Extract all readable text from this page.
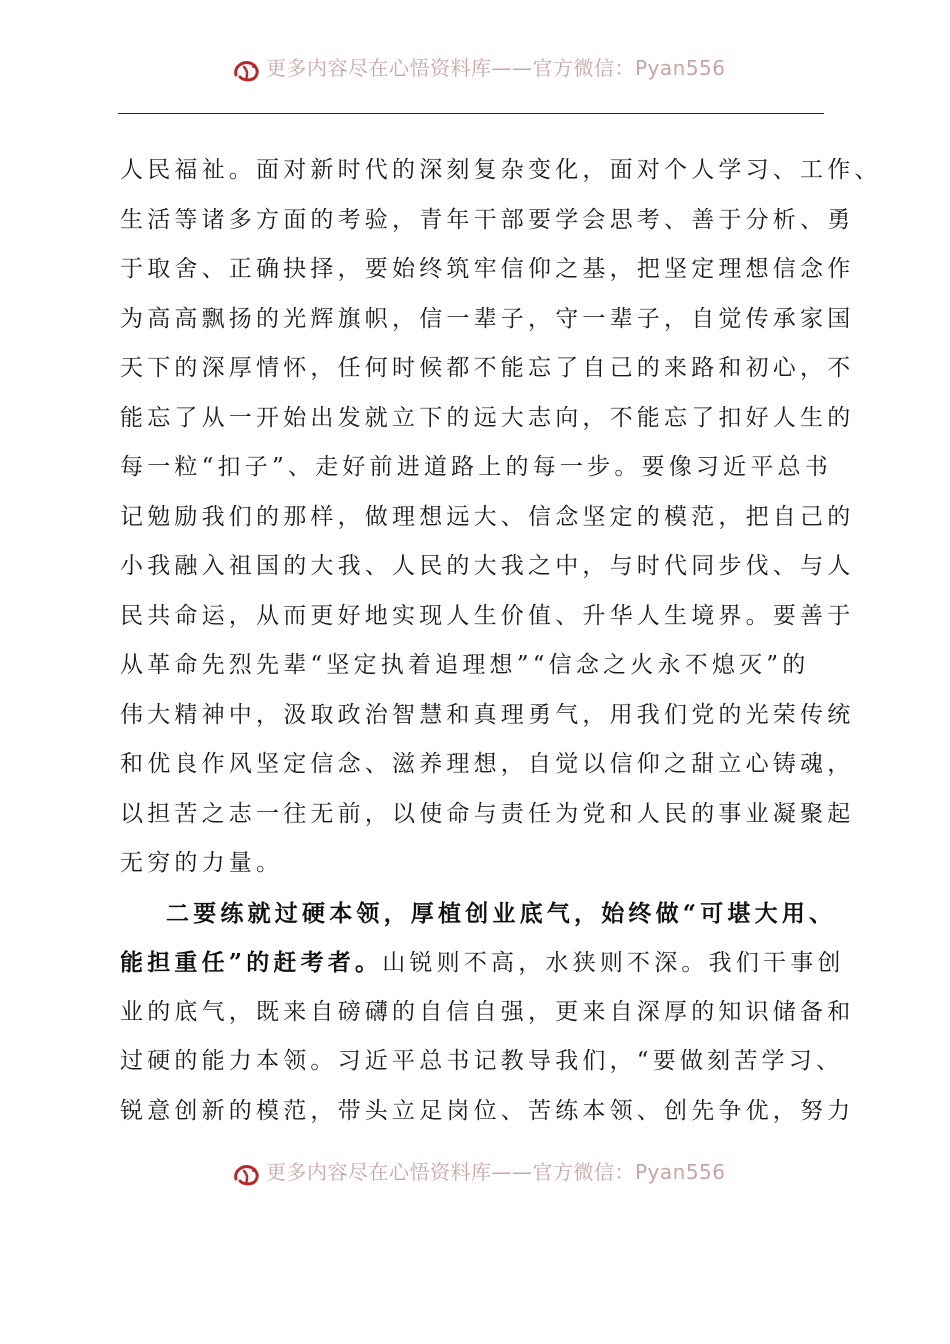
更多内容尽在心悟资料库——官方微信：Pyan556
人民福祉。面对新时代的深刻复杂变化，面对个人学习、工作、
生活等诸多方面的考验，青年干部要学会思考、善于分析、勇
于取舍、正确抉择，要始终筑牢信仰之基，把坚定理想信念作
为高高飘扬的光辉旗帜，信一辈子，守一辈子，自觉传承家国
天下的深厚情怀，任何时候都不能忘了自己的来路和初心，不
能忘了从一开始出发就立下的远大志向，不能忘了扣好人生的
每一粒“扣子”、走好前进道路上的每一步。要像习近平总书
记勉励我们的那样，做理想远大、信念坚定的模范，把自己的
小我融入祖国的大我、人民的大我之中，与时代同步伐、与人
民共命运，从而更好地实现人生价值、升华人生境界。要善于
从革命先烈先辈“坚定执着追理想”“信念之火永不熄灭”的
伟大精神中，汲取政治智慧和真理勇气，用我们党的光荣传统
和优良作风坚定信念、滋养理想，自觉以信仰之甜立心铸魂，
以担苦之志一往无前，以使命与责任为党和人民的事业凝聚起
无穷的力量。
二要练就过硬本领，厚植创业底气，始终做“可堪大用、
能担重任”的赶考者。山锐则不高，水狭则不深。我们干事创
业的底气，既来自磅礴的自信自强，更来自深厚的知识储备和
过硬的能力本领。习近平总书记教导我们，“要做刻苦学习、
锐意创新的模范，带头立足岗位、苦练本领、创先争优，努力
更多内容尽在心悟资料库——官方微信：Pyan556
